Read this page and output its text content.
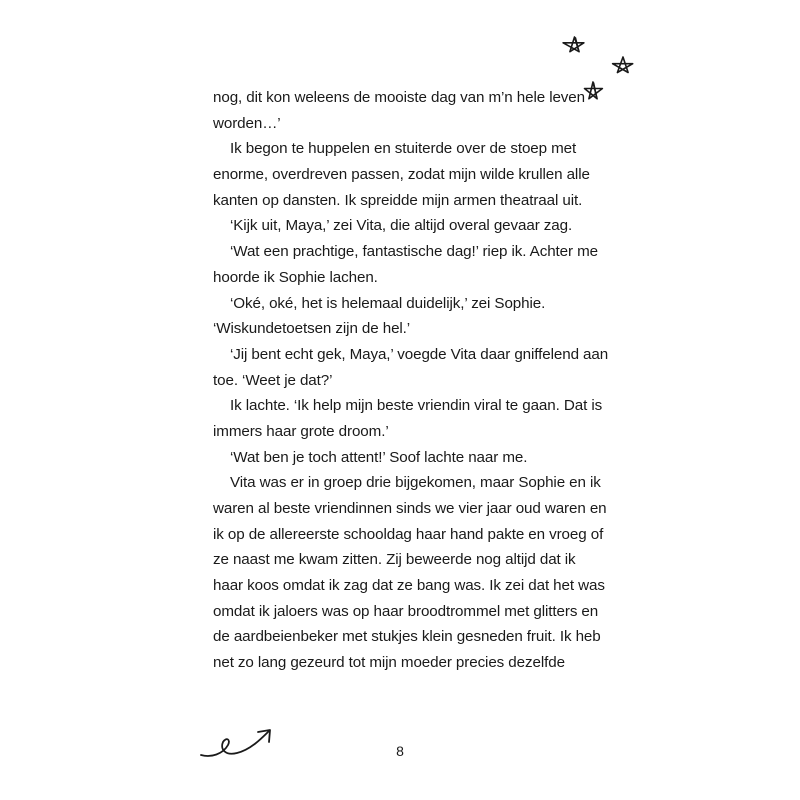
nog, dit kon weleens de mooiste dag van m’n hele leven
worden…’
Ik begon te huppelen en stuiterde over de stoep met
enorme, overdreven passen, zodat mijn wilde krullen alle
kanten op dansten. Ik spreidde mijn armen theatraal uit.
‘Kijk uit, Maya,’ zei Vita, die altijd overal gevaar zag.
‘Wat een prachtige, fantastische dag!’ riep ik. Achter me
hoorde ik Sophie lachen.
‘Oké, oké, het is helemaal duidelijk,’ zei Sophie.
‘Wiskundetoetsen zijn de hel.’
‘Jij bent echt gek, Maya,’ voegde Vita daar gniffelend aan
toe. ‘Weet je dat?’
Ik lachte. ‘Ik help mijn beste vriendin viral te gaan. Dat is
immers haar grote droom.’
‘Wat ben je toch attent!’ Soof lachte naar me.
Vita was er in groep drie bijgekomen, maar Sophie en ik
waren al beste vriendinnen sinds we vier jaar oud waren en
ik op de allereerste schooldag haar hand pakte en vroeg of
ze naast me kwam zitten. Zij beweerde nog altijd dat ik
haar koos omdat ik zag dat ze bang was. Ik zei dat het was
omdat ik jaloers was op haar broodtrommel met glitters en
de aardbeienbeker met stukjes klein gesneden fruit. Ik heb
net zo lang gezeurd tot mijn moeder precies dezelfde
8
